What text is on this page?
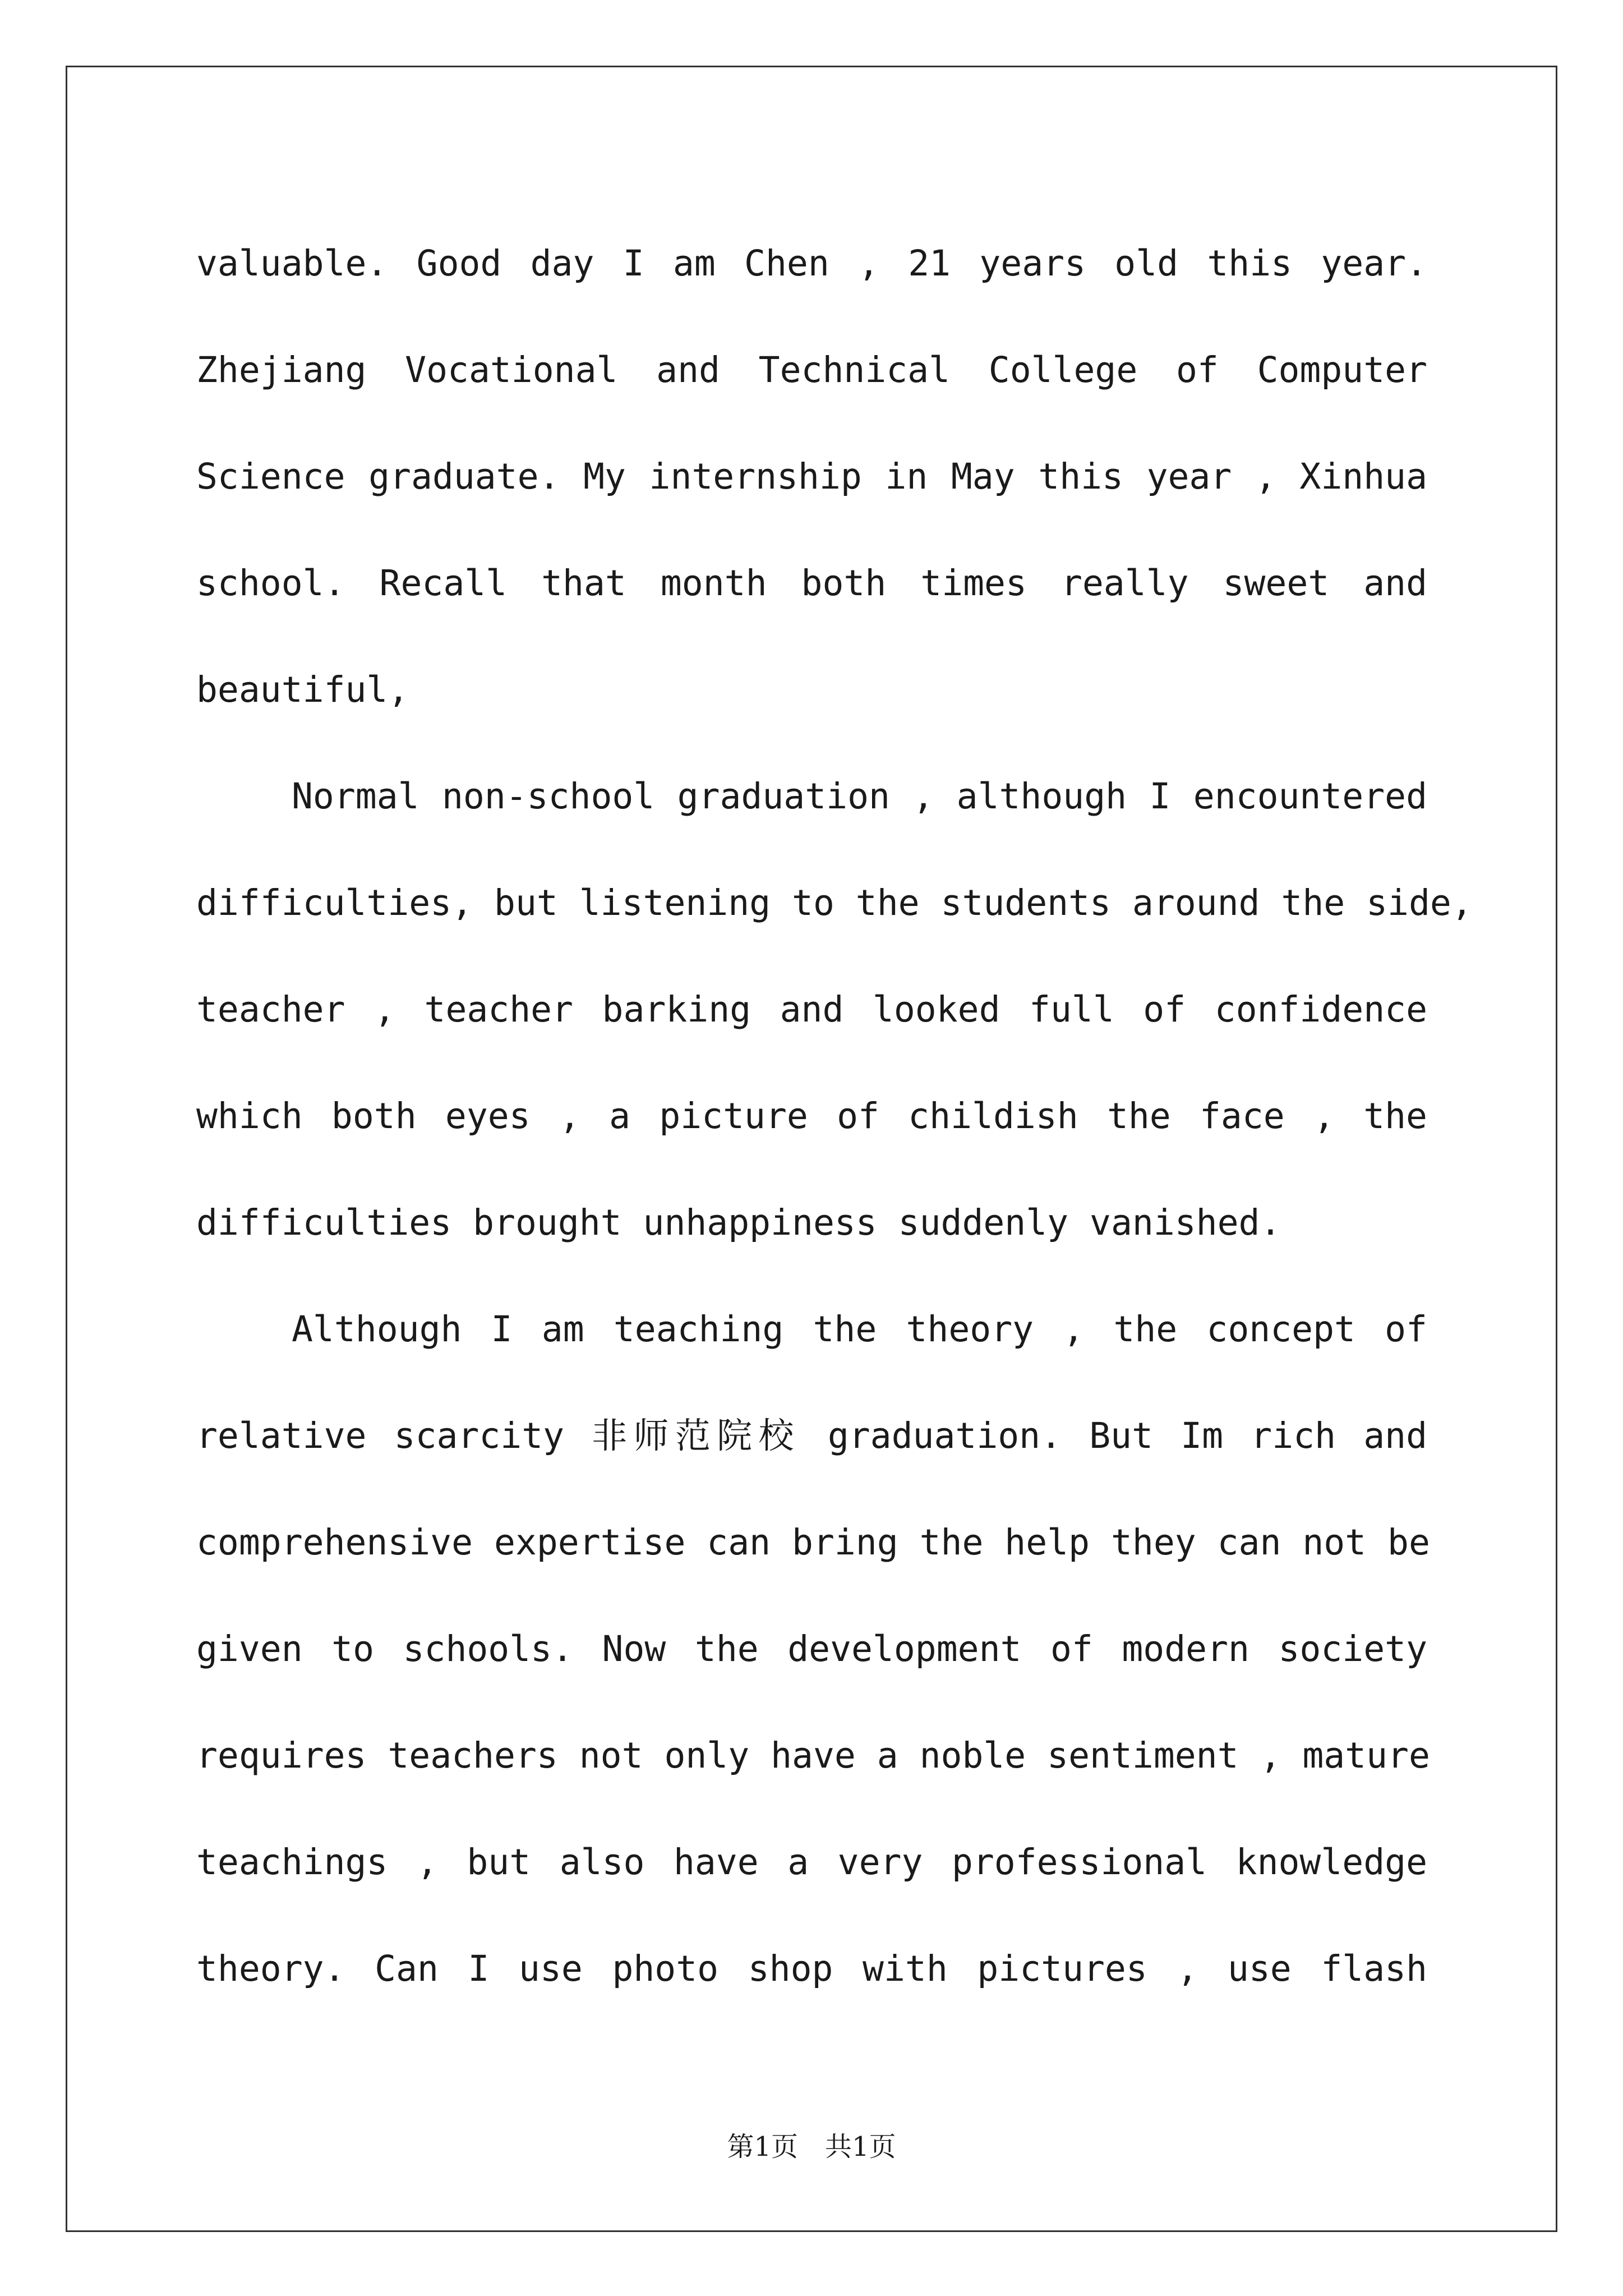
valuable. Good day I am Chen , 21 years old this year.
Zhejiang Vocational and Technical College of Computer
Science graduate. My internship in May this year , Xinhua
school. Recall that month both times really sweet and
beautiful,
Normal non-school graduation , although I encountered
difficulties, but listening to the students around the side,
teacher , teacher barking and looked full of confidence
which both eyes , a picture of childish the face , the
difficulties brought unhappiness suddenly vanished.
Although I am teaching the theory , the concept of
relative scarcity 非师范院校 graduation. But Im rich and
comprehensive expertise can bring the help they can not be
given to schools. Now the development of modern society
requires teachers not only have a noble sentiment , mature
teachings , but also have a very professional knowledge
theory. Can I use photo shop with pictures , use flash
第1页　共1页
